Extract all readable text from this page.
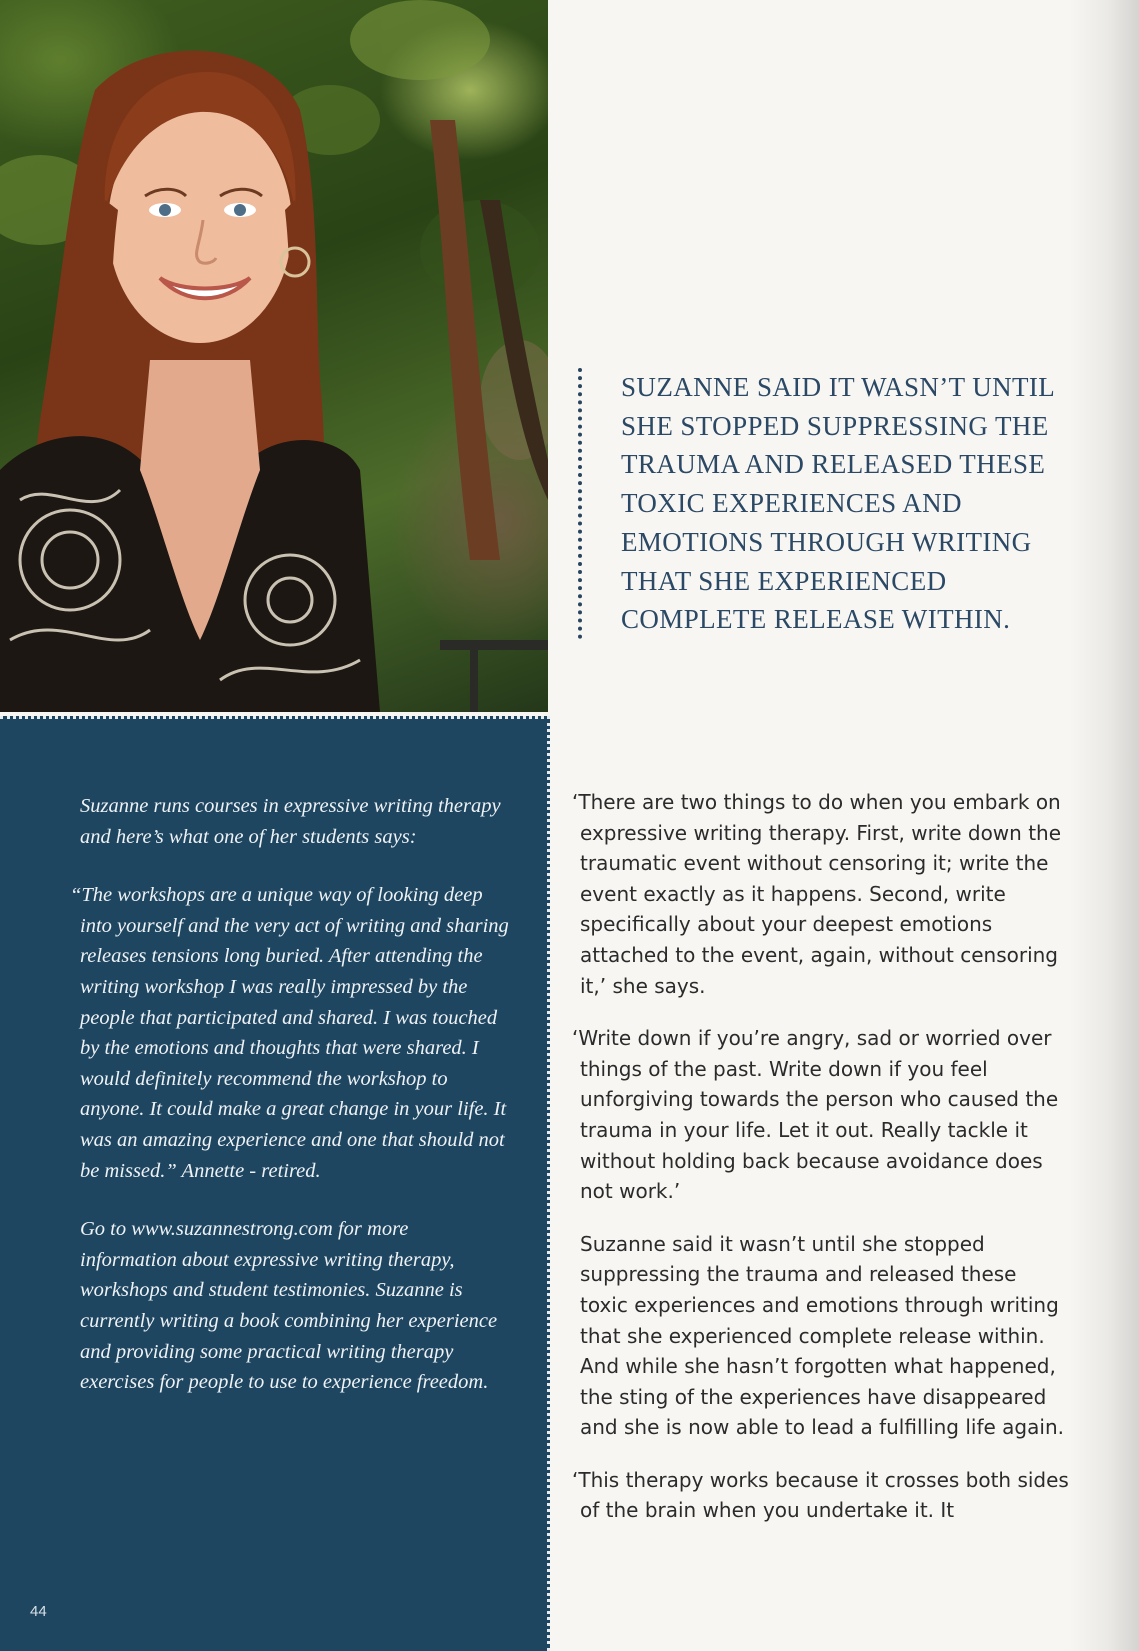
SUZANNE SAID IT WASN’T UNTIL SHE STOPPED SUPPRESSING THE TRAUMA AND RELEASED THESE TOXIC EXPERIENCES AND EMOTIONS THROUGH WRITING THAT SHE EXPERIENCED COMPLETE RELEASE WITHIN.

Suzanne runs courses in expressive writing therapy and here’s what one of her students says:

“The workshops are a unique way of looking deep into yourself and the very act of writing and sharing releases tensions long buried. After attending the writing workshop I was really impressed by the people that participated and shared. I was touched by the emotions and thoughts that were shared. I would definitely recommend the workshop to anyone. It could make a great change in your life. It was an amazing experience and one that should not be missed.” Annette - retired.

Go to www.suzannestrong.com for more information about expressive writing therapy, workshops and student testimonies. Suzanne is currently writing a book combining her experience and providing some practical writing therapy exercises for people to use to experience freedom.

44

‘There are two things to do when you embark on expressive writing therapy. First, write down the traumatic event without censoring it; write the event exactly as it happens. Second, write specifically about your deepest emotions attached to the event, again, without censoring it,’ she says.

‘Write down if you’re angry, sad or worried over things of the past. Write down if you feel unforgiving towards the person who caused the trauma in your life. Let it out. Really tackle it without holding back because avoidance does not work.’

Suzanne said it wasn’t until she stopped suppressing the trauma and released these toxic experiences and emotions through writing that she experienced complete release within. And while she hasn’t forgotten what happened, the sting of the experiences have disappeared and she is now able to lead a fulfilling life again.

‘This therapy works because it crosses both sides of the brain when you undertake it. It
